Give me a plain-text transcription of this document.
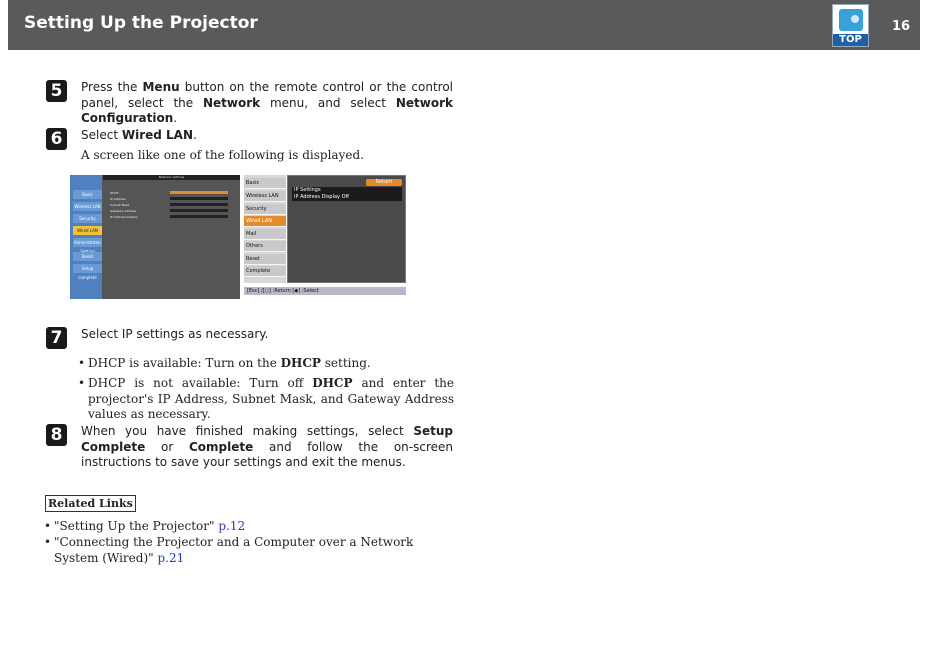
Setting Up the Projector
TOP
16
5	Press the Menu button on the remote control or the control panel, select the Network menu, and select Network Configuration.
6	Select Wired LAN.
A screen like one of the following is displayed.
Network settings
Basic
Wireless LAN
Security
Wired LAN
Administrator
Reset
Setup complete
DHCP
IP Address
Subnet Mask
Gateway Address
IP Address Display
Basic
Wireless LAN
Security
Wired LAN
Mail
Others
Reset
Complete
Return
IP Settings
IP Address Display Off
[Esc] /[○] :Return [◆] :Select
7	Select IP settings as necessary.
• DHCP is available: Turn on the DHCP setting.
• DHCP is not available: Turn off DHCP and enter the projector's IP Address, Subnet Mask, and Gateway Address values as necessary.
8	When you have finished making settings, select Setup Complete or Complete and follow the on-screen instructions to save your settings and exit the menus.
Related Links
• "Setting Up the Projector" p.12
• "Connecting the Projector and a Computer over a Network System (Wired)" p.21
